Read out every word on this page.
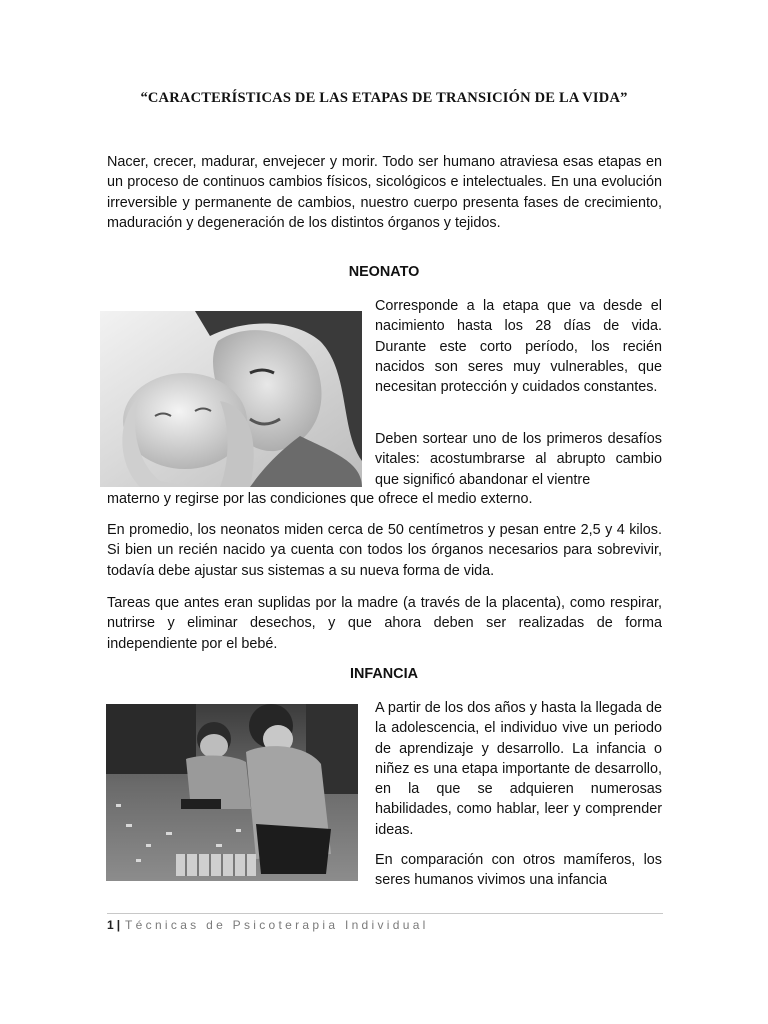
“CARACTERÍSTICAS DE LAS ETAPAS DE TRANSICIÓN DE LA VIDA”

Nacer, crecer, madurar, envejecer y morir. Todo ser humano atraviesa esas etapas en un proceso de continuos cambios físicos, sicológicos e intelectuales. En una evolución irreversible y permanente de cambios, nuestro cuerpo presenta fases de crecimiento, maduración y degeneración de los distintos órganos y tejidos.

NEONATO

Corresponde a la etapa que va desde el nacimiento hasta los 28 días de vida. Durante este corto período, los recién nacidos son seres muy vulnerables, que necesitan protección y cuidados constantes.

Deben sortear uno de los primeros desafíos vitales: acostumbrarse al abrupto cambio que significó abandonar el vientre

materno y regirse por las condiciones que ofrece el medio externo.

En promedio, los neonatos miden cerca de 50 centímetros y pesan entre 2,5 y 4 kilos. Si bien un recién nacido ya cuenta con todos los órganos necesarios para sobrevivir, todavía debe ajustar sus sistemas a su nueva forma de vida.

Tareas que antes eran suplidas por la madre (a través de la placenta), como respirar, nutrirse y eliminar desechos, y que ahora deben ser realizadas de forma independiente por el bebé.

INFANCIA

A partir de los dos años y hasta la llegada de la adolescencia, el individuo vive un periodo de aprendizaje y desarrollo. La infancia o niñez es una etapa importante de desarrollo, en la que se adquieren numerosas habilidades, como hablar, leer y comprender ideas.

En comparación con otros mamíferos, los seres humanos vivimos una infancia

1 | Técnicas de Psicoterapia Individual
